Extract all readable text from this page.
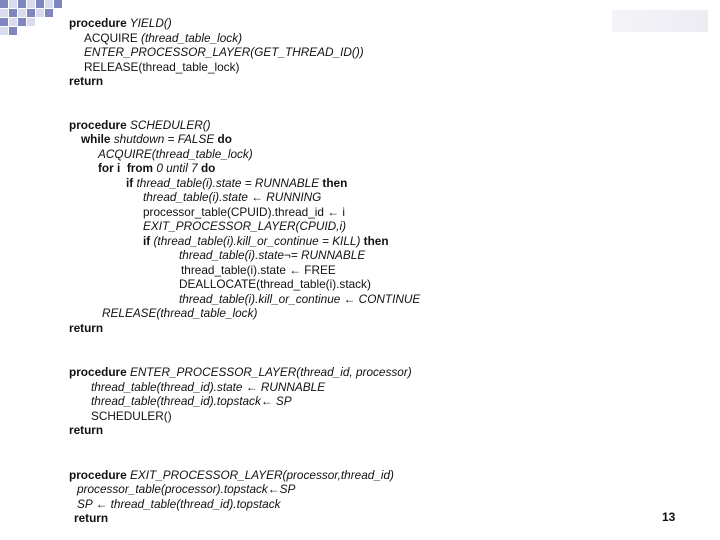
procedure YIELD()
ACQUIRE (thread_table_lock)
ENTER_PROCESSOR_LAYER(GET_THREAD_ID())
RELEASE(thread_table_lock)
return
procedure SCHEDULER()
while shutdown = FALSE do
ACQUIRE(thread_table_lock)
for i  from 0 until 7 do
if thread_table(i).state = RUNNABLE then
thread_table(i).state ← RUNNING
processor_table(CPUID).thread_id ← i
EXIT_PROCESSOR_LAYER(CPUID,i)
if (thread_table(i).kill_or_continue = KILL) then
thread_table(i).state¬= RUNNABLE
thread_table(i).state ← FREE
DEALLOCATE(thread_table(i).stack)
thread_table(i).kill_or_continue ← CONTINUE
RELEASE(thread_table_lock)
return
procedure ENTER_PROCESSOR_LAYER(thread_id, processor)
thread_table(thread_id).state ← RUNNABLE
thread_table(thread_id).topstack← SP
SCHEDULER()
return
procedure EXIT_PROCESSOR_LAYER(processor,thread_id)
processor_table(processor).topstack←SP
SP ← thread_table(thread_id).topstack
return	13
